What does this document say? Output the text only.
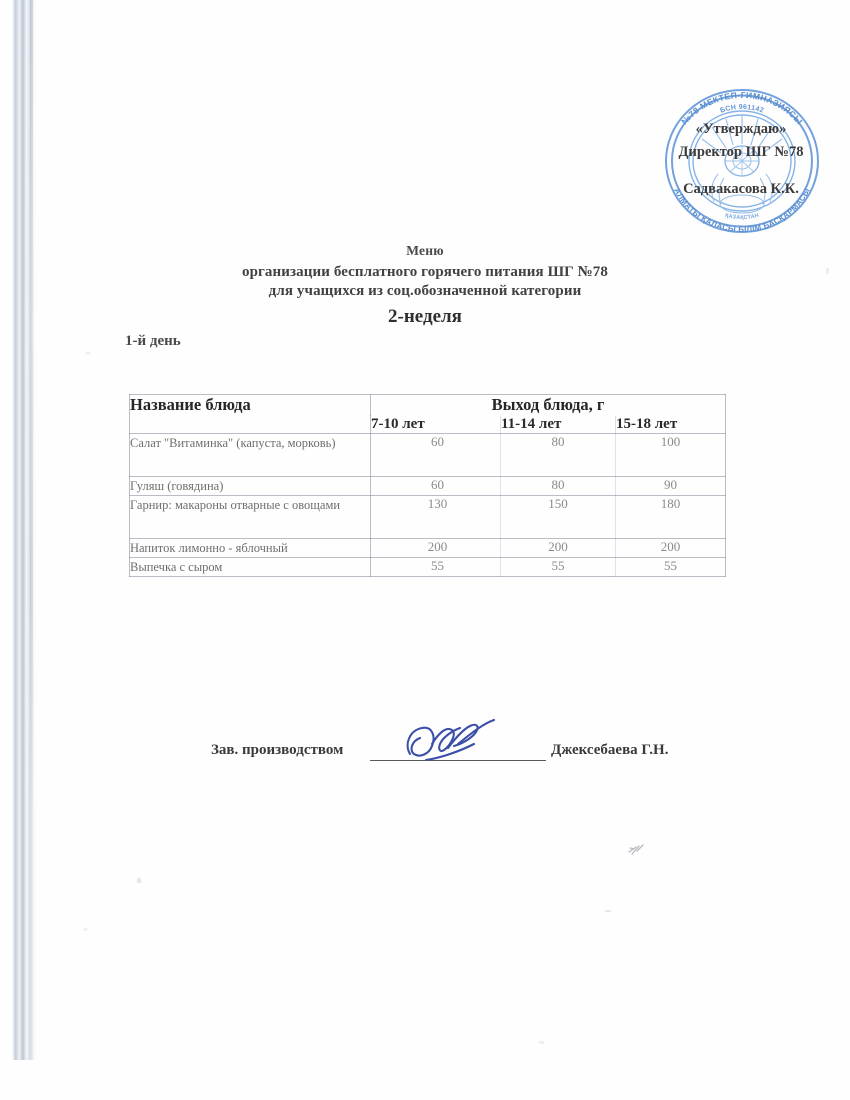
№78 МЕКТЕП-ГИМНАЗИЯСЫ
БСН 961142
АЛМАТЫ ҚАЛАСЫ БІЛІМ БАСҚАРМАСЫ
ҚАЗАҚСТАН
«Утверждаю»
Директор ШГ №78
Садвакасова К.К.
Меню
организации бесплатного горячего питания ШГ №78
для учащихся из соц.обозначенной категории
2-неделя
1-й день
Название блюда	Выход блюда, г		
	7-10 лет	11-14 лет	15-18 лет
Салат "Витаминка" (капуста, морковь)	60	80	100
Гуляш (говядина)	60	80	90
Гарнир: макароны отварные с овощами	130	150	180
Напиток лимонно - яблочный	200	200	200
Выпечка с сыром	55	55	55
Зав. производством	Джексебаева Г.Н.
